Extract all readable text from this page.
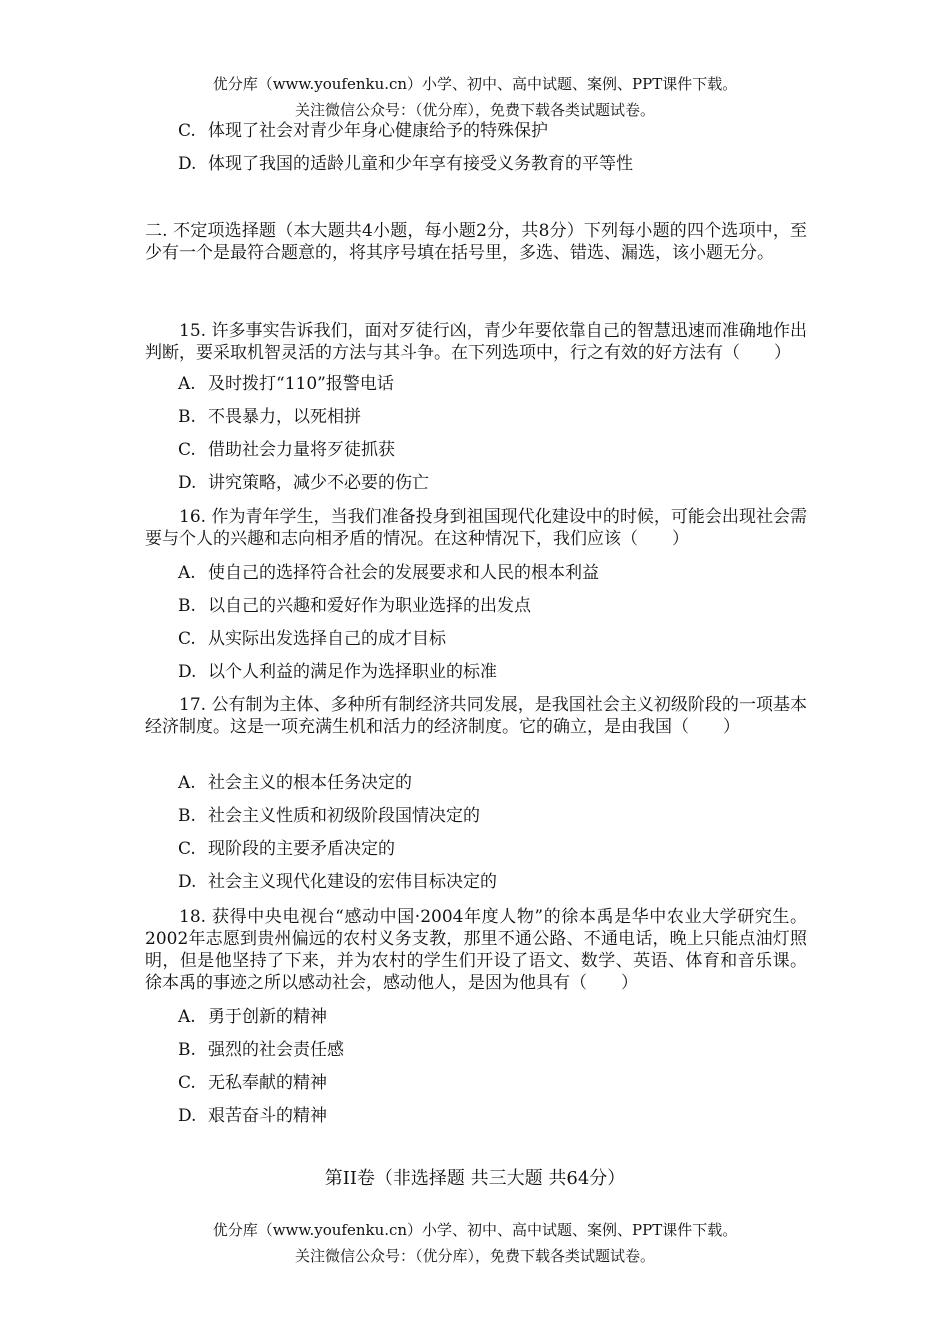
优分库（www.youfenku.cn）小学、初中、高中试题、案例、PPT课件下载。
关注微信公众号：（优分库），免费下载各类试题试卷。
C. 体现了社会对青少年身心健康给予的特殊保护
D. 体现了我国的适龄儿童和少年享有接受义务教育的平等性
二. 不定项选择题（本大题共4小题，每小题2分，共8分）下列每小题的四个选项中，至少有一个是最符合题意的，将其序号填在括号里，多选、错选、漏选，该小题无分。
15. 许多事实告诉我们，面对歹徒行凶，青少年要依靠自己的智慧迅速而准确地作出判断，要采取机智灵活的方法与其斗争。在下列选项中，行之有效的好方法有（　　）
A. 及时拨打“110”报警电话
B. 不畏暴力，以死相拼
C. 借助社会力量将歹徒抓获
D. 讲究策略，减少不必要的伤亡
16. 作为青年学生，当我们准备投身到祖国现代化建设中的时候，可能会出现社会需要与个人的兴趣和志向相矛盾的情况。在这种情况下，我们应该（　　）
A. 使自己的选择符合社会的发展要求和人民的根本利益
B. 以自己的兴趣和爱好作为职业选择的出发点
C. 从实际出发选择自己的成才目标
D. 以个人利益的满足作为选择职业的标准
17. 公有制为主体、多种所有制经济共同发展，是我国社会主义初级阶段的一项基本经济制度。这是一项充满生机和活力的经济制度。它的确立，是由我国（　　）
A. 社会主义的根本任务决定的
B. 社会主义性质和初级阶段国情决定的
C. 现阶段的主要矛盾决定的
D. 社会主义现代化建设的宏伟目标决定的
18. 获得中央电视台“感动中国·2004年度人物”的徐本禹是华中农业大学研究生。2002年志愿到贵州偏远的农村义务支教，那里不通公路、不通电话，晚上只能点油灯照明，但是他坚持了下来，并为农村的学生们开设了语文、数学、英语、体育和音乐课。徐本禹的事迹之所以感动社会，感动他人，是因为他具有（　　）
A. 勇于创新的精神
B. 强烈的社会责任感
C. 无私奉献的精神
D. 艰苦奋斗的精神
第II卷（非选择题 共三大题 共64分）
优分库（www.youfenku.cn）小学、初中、高中试题、案例、PPT课件下载。
关注微信公众号：（优分库），免费下载各类试题试卷。
